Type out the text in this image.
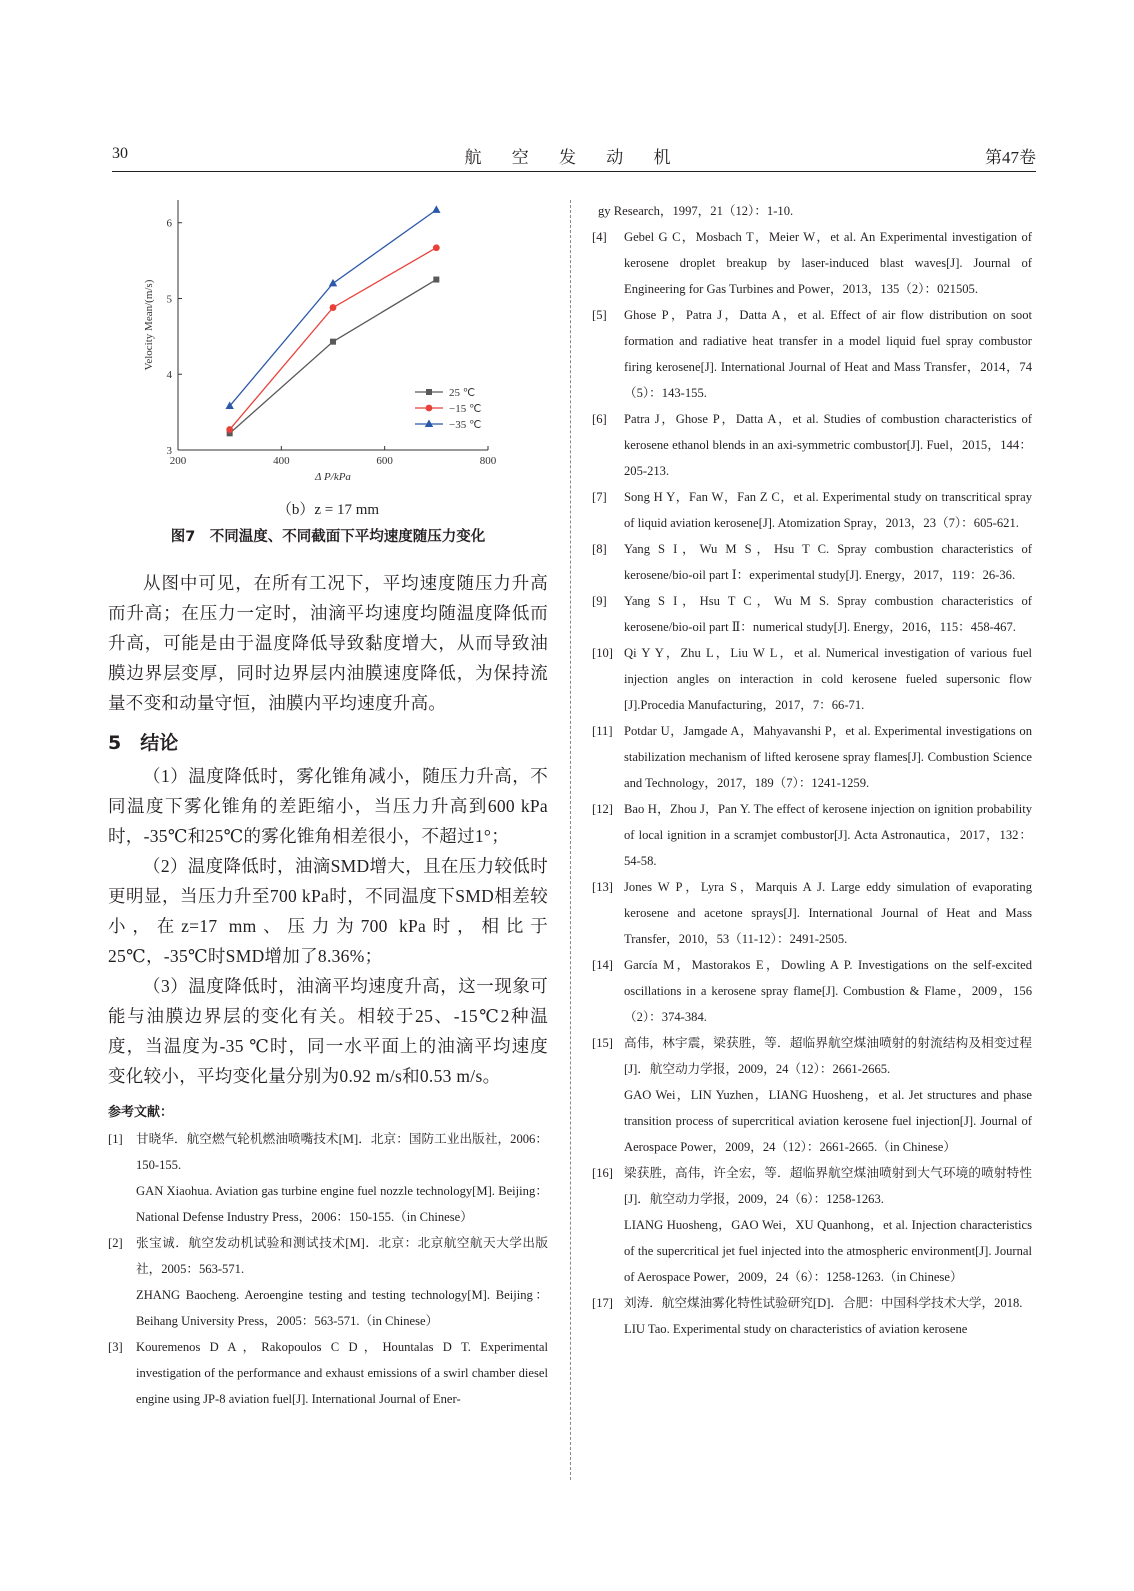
30	航 空 发 动 机	第47卷
200	400	600	800
3
4
5
6
Δ P/kPa
Velocity Mean/(m/s)
25 ℃
−15 ℃
−35 ℃
（b）z = 17 mm
图7　不同温度、不同截面下平均速度随压力变化

从图中可见，在所有工况下，平均速度随压力升高而升高；在压力一定时，油滴平均速度均随温度降低而升高，可能是由于温度降低导致黏度增大，从而导致油膜边界层变厚，同时边界层内油膜速度降低，为保持流量不变和动量守恒，油膜内平均速度升高。

5　结论

（1）温度降低时，雾化锥角减小，随压力升高，不同温度下雾化锥角的差距缩小，当压力升高到600 kPa时，-35℃和25℃的雾化锥角相差很小，不超过1°；

（2）温度降低时，油滴SMD增大，且在压力较低时更明显，当压力升至700 kPa时，不同温度下SMD相差较小，在z=17 mm、压力为700 kPa时，相比于25℃，-35℃时SMD增加了8.36%；

（3）温度降低时，油滴平均速度升高，这一现象可能与油膜边界层的变化有关。相较于25、-15℃2种温度，当温度为-35 ℃时，同一水平面上的油滴平均速度变化较小，平均变化量分别为0.92 m/s和0.53 m/s。

参考文献：

[1] 甘晓华．航空燃气轮机燃油喷嘴技术[M]．北京：国防工业出版社，2006：150-155.
GAN Xiaohua. Aviation gas turbine engine fuel nozzle technology[M]. Beijing：National Defense Industry Press，2006：150-155.（in Chinese）

[2] 张宝诚．航空发动机试验和测试技术[M]．北京：北京航空航天大学出版社，2005：563-571.
ZHANG Baocheng. Aeroengine testing and testing technology[M]. Beijing：Beihang University Press，2005：563-571.（in Chinese）

[3] Kouremenos D A，Rakopoulos C D，Hountalas D T. Experimental investigation of the performance and exhaust emissions of a swirl chamber diesel engine using JP-8 aviation fuel[J]. International Journal of Ener-

gy Research，1997，21（12）：1-10.

[4] Gebel G C，Mosbach T，Meier W，et al. An Experimental investigation of kerosene droplet breakup by laser-induced blast waves[J]. Journal of Engineering for Gas Turbines and Power，2013，135（2）：021505.

[5] Ghose P，Patra J，Datta A，et al. Effect of air flow distribution on soot formation and radiative heat transfer in a model liquid fuel spray combustor firing kerosene[J]. International Journal of Heat and Mass Transfer，2014，74（5）：143-155.

[6] Patra J，Ghose P，Datta A，et al. Studies of combustion characteristics of kerosene ethanol blends in an axi-symmetric combustor[J]. Fuel，2015，144：205-213.

[7] Song H Y，Fan W，Fan Z C，et al. Experimental study on transcritical spray of liquid aviation kerosene[J]. Atomization Spray，2013，23（7）：605-621.

[8] Yang S I，Wu M S，Hsu T C. Spray combustion characteristics of kerosene/bio-oil part Ⅰ：experimental study[J]. Energy，2017，119：26-36.

[9] Yang S I，Hsu T C，Wu M S. Spray combustion characteristics of kerosene/bio-oil part Ⅱ：numerical study[J]. Energy，2016，115：458-467.

[10] Qi Y Y，Zhu L，Liu W L，et al. Numerical investigation of various fuel injection angles on interaction in cold kerosene fueled supersonic flow [J].Procedia Manufacturing，2017，7：66-71.

[11] Potdar U，Jamgade A，Mahyavanshi P，et al. Experimental investigations on stabilization mechanism of lifted kerosene spray flames[J]. Combustion Science and Technology，2017，189（7）：1241-1259.

[12] Bao H，Zhou J，Pan Y. The effect of kerosene injection on ignition probability of local ignition in a scramjet combustor[J]. Acta Astronautica，2017，132：54-58.

[13] Jones W P，Lyra S，Marquis A J. Large eddy simulation of evaporating kerosene and acetone sprays[J]. International Journal of Heat and Mass Transfer，2010，53（11-12）：2491-2505.

[14] García M，Mastorakos E，Dowling A P. Investigations on the self-excited oscillations in a kerosene spray flame[J]. Combustion & Flame，2009，156（2）：374-384.

[15] 高伟，林宇震，梁获胜，等．超临界航空煤油喷射的射流结构及相变过程[J]．航空动力学报，2009，24（12）：2661-2665.
GAO Wei，LIN Yuzhen，LIANG Huosheng，et al. Jet structures and phase transition process of supercritical aviation kerosene fuel injection[J]. Journal of Aerospace Power，2009，24（12）：2661-2665.（in Chinese）

[16] 梁获胜，高伟，许全宏，等．超临界航空煤油喷射到大气环境的喷射特性[J]．航空动力学报，2009，24（6）：1258-1263.
LIANG Huosheng，GAO Wei，XU Quanhong，et al. Injection characteristics of the supercritical jet fuel injected into the atmospheric environment[J]. Journal of Aerospace Power，2009，24（6）：1258-1263.（in Chinese）

[17] 刘涛．航空煤油雾化特性试验研究[D]．合肥：中国科学技术大学，2018.
LIU Tao. Experimental study on characteristics of aviation kerosene
